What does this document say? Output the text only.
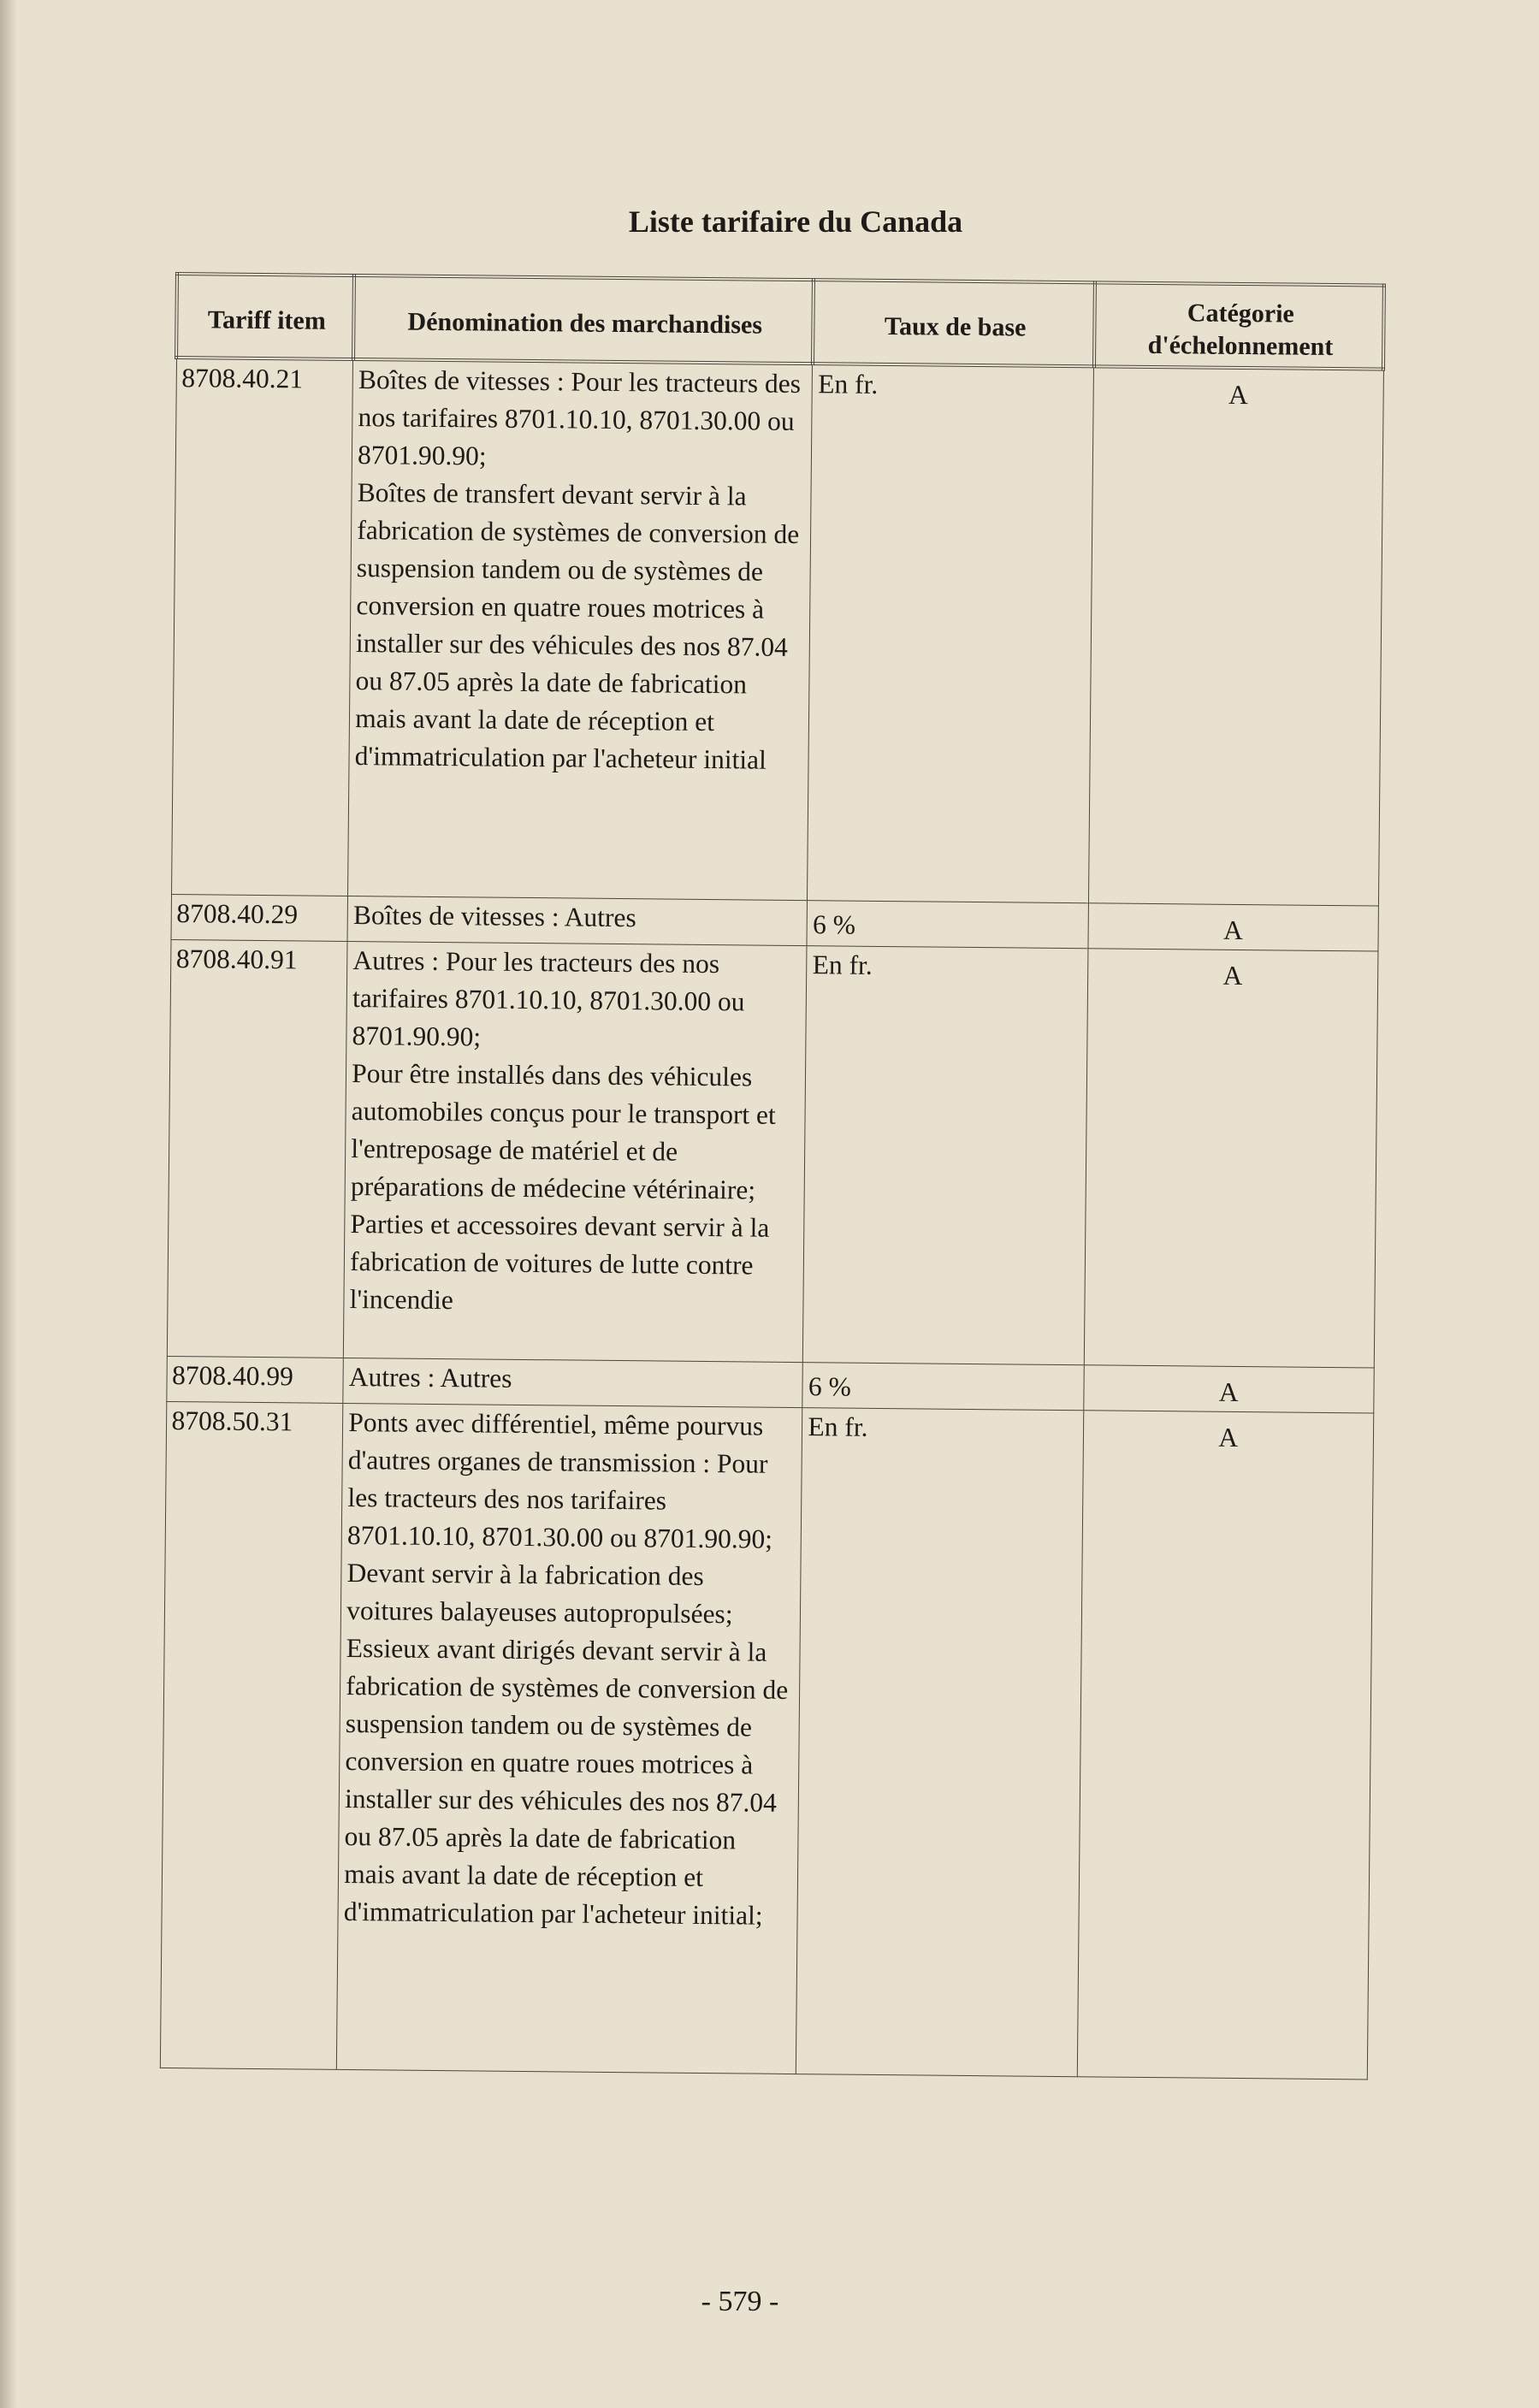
Liste tarifaire du Canada
Tariff item	Dénomination des marchandises	Taux de base	Catégorie d'échelonnement
8708.40.21	Boîtes de vitesses : Pour les tracteurs des nos tarifaires 8701.10.10, 8701.30.00 ou 8701.90.90;
Boîtes de transfert devant servir à la fabrication de systèmes de conversion de suspension tandem ou de systèmes de conversion en quatre roues motrices à installer sur des véhicules des nos 87.04 ou 87.05 après la date de fabrication mais avant la date de réception et d'immatriculation par l'acheteur initial	En fr.	A
8708.40.29	Boîtes de vitesses : Autres	6 %	A
8708.40.91	Autres : Pour les tracteurs des nos tarifaires 8701.10.10, 8701.30.00 ou 8701.90.90;
Pour être installés dans des véhicules automobiles conçus pour le transport et l'entreposage de matériel et de préparations de médecine vétérinaire;
Parties et accessoires devant servir à la fabrication de voitures de lutte contre l'incendie	En fr.	A
8708.40.99	Autres : Autres	6 %	A
8708.50.31	Ponts avec différentiel, même pourvus d'autres organes de transmission : Pour les tracteurs des nos tarifaires 8701.10.10, 8701.30.00 ou 8701.90.90;
Devant servir à la fabrication des voitures balayeuses autopropulsées;
Essieux avant dirigés devant servir à la fabrication de systèmes de conversion de suspension tandem ou de systèmes de conversion en quatre roues motrices à installer sur des véhicules des nos 87.04 ou 87.05 après la date de fabrication mais avant la date de réception et d'immatriculation par l'acheteur initial;	En fr.	A
- 579 -
